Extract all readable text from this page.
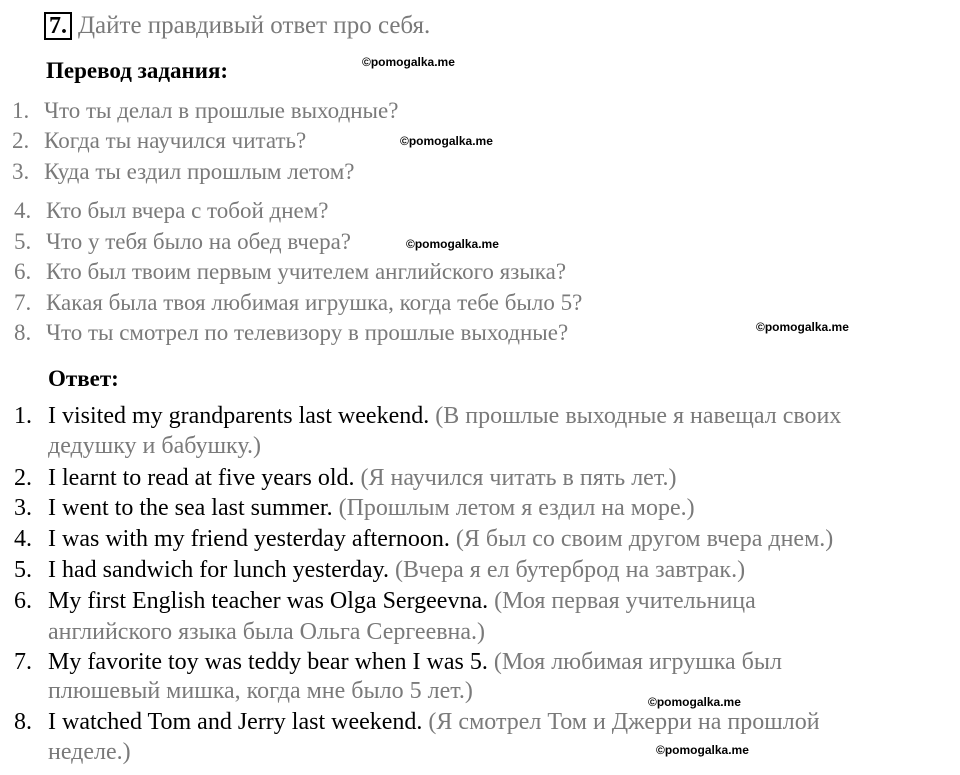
7. Дайте правдивый ответ про себя.
Перевод задания:	©pomogalka.me
©pomogalka.me
©pomogalka.me
©pomogalka.me
©pomogalka.me
©pomogalka.me
1. Что ты делал в прошлые выходные?
2. Когда ты научился читать?
3. Куда ты ездил прошлым летом?
4. Кто был вчера с тобой днем?
5. Что у тебя было на обед вчера?
6. Кто был твоим первым учителем английского языка?
7. Какая была твоя любимая игрушка, когда тебе было 5?
8. Что ты смотрел по телевизору в прошлые выходные?
Ответ:
1. I visited my grandparents last weekend. (В прошлые выходные я навещал своих
дедушку и бабушку.)
2. I learnt to read at five years old. (Я научился читать в пять лет.)
3. I went to the sea last summer. (Прошлым летом я ездил на море.)
4. I was with my friend yesterday afternoon. (Я был со своим другом вчера днем.)
5. I had sandwich for lunch yesterday. (Вчера я ел бутерброд на завтрак.)
6. My first English teacher was Olga Sergeevna. (Моя первая учительница
английского языка была Ольга Сергеевна.)
7. My favorite toy was teddy bear when I was 5. (Моя любимая игрушка был
плюшевый мишка, когда мне было 5 лет.)
8. I watched Tom and Jerry last weekend. (Я смотрел Том и Джерри на прошлой
неделе.)
